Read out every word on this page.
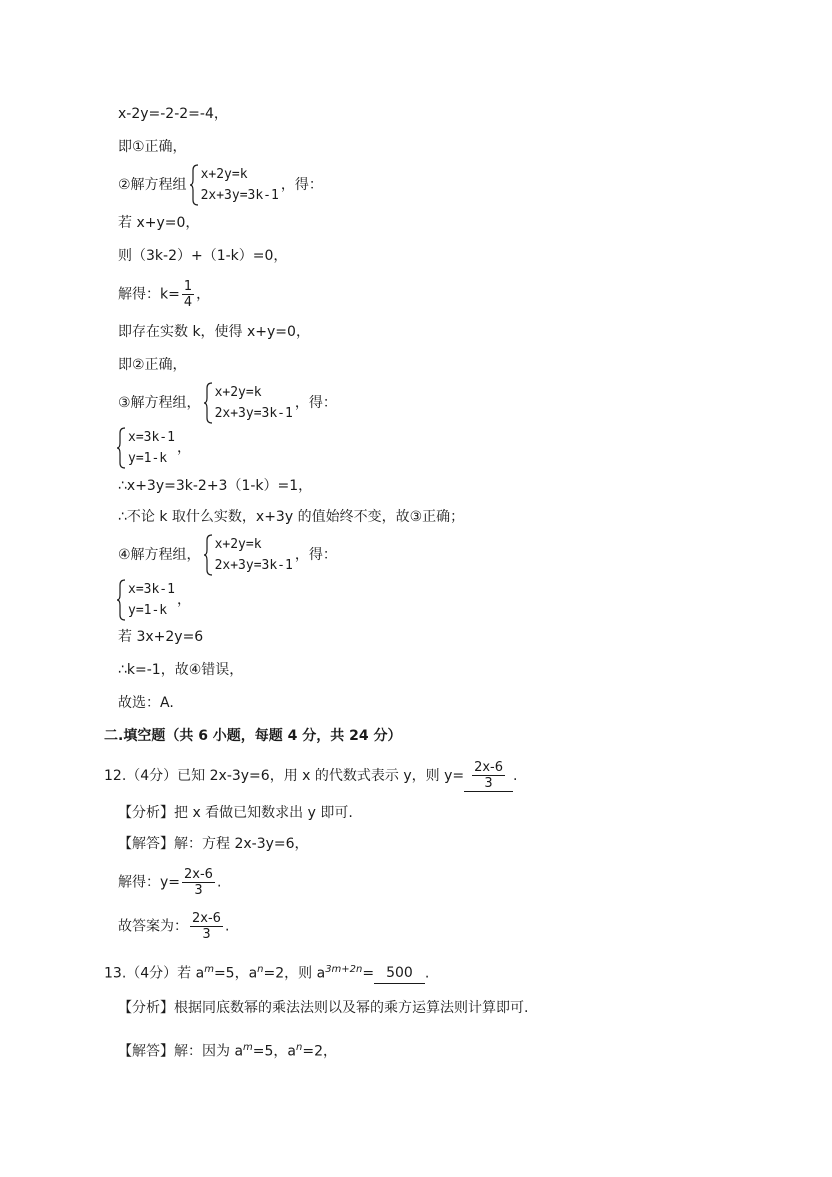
x-2y=-2-2=-4，
即①正确，
②解方程组
x+2y=k
2x+3y=3k-1
，得：
若 x+y=0，
则（3k-2）+（1-k）=0，
解得：$k= \frac{1}{4}$ ，
即存在实数 k，使得 x+y=0，
即②正确，
③解方程组，
x+2y=k
2x+3y=3k-1
，得：
x=3k-1
y=1-k
，
∴x+3y=3k-2+3（1-k）=1，
∴不论 k 取什么实数，x+3y 的值始终不变，故③正确；
④解方程组，
x+2y=k
2x+3y=3k-1
，得：
x=3k-1
y=1-k
，
若 3x+2y=6
∴k=-1，故④错误，
故选：A.
二.填空题（共 6 小题，每题 4 分，共 24 分）
12.（4分）已知 2x-3y=6，用 x 的代数式表示 y，则 $y= \frac{2x-6}{3}$ .
【分析】把 x 看做已知数求出 y 即可.
【解答】解：方程 2x-3y=6，
解得：$y= \frac{2x-6}{3}$ .
故答案为： $\frac{2x-6}{3}$ .
13.（4分）若 $a^m=5$，$a^n=2$，则 $a^{3m+2n}= 500$ .
【分析】根据同底数幂的乘法法则以及幂的乘方运算法则计算即可.
【解答】解：因为 $a^m=5$，$a^n=2$，
